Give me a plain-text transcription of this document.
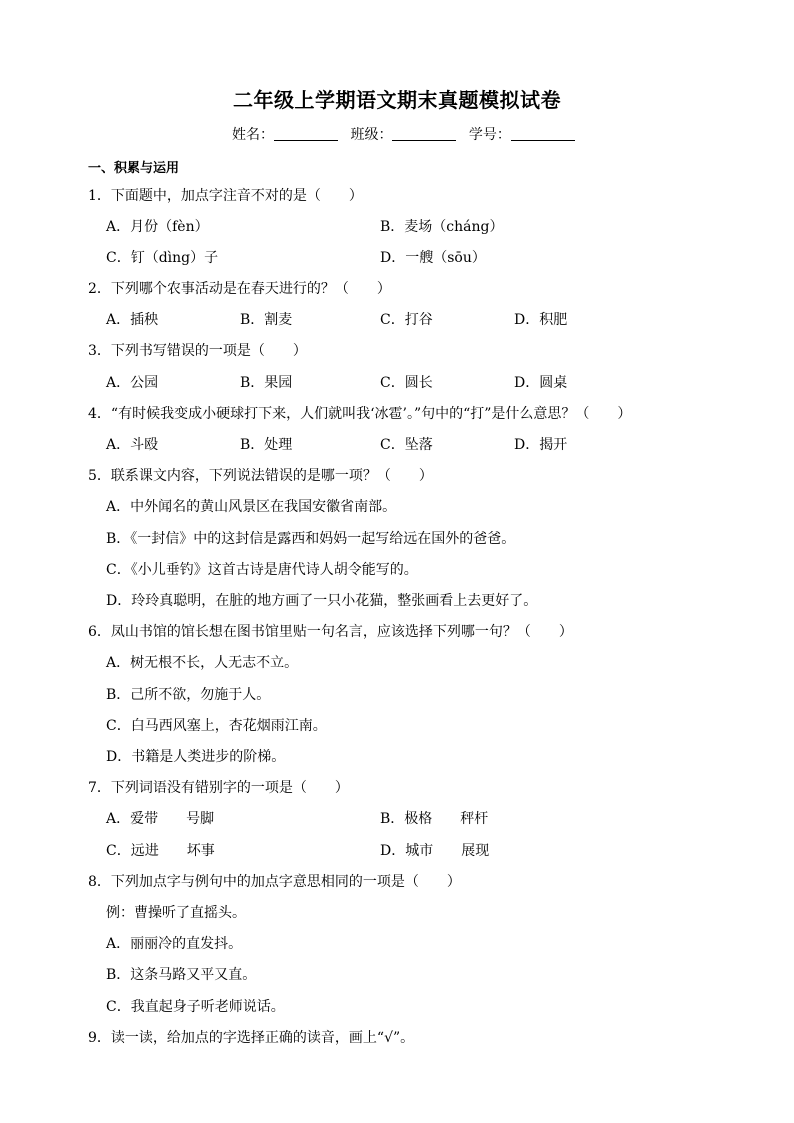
二年级上学期语文期末真题模拟试卷
姓名：	班级：	学号：
一、积累与运用
1．下面题中，加点字注音不对的是（　　）
A．月份（fèn）	B．麦场（cháng）
C．钉（dìng）子	D．一艘（sōu）
2．下列哪个农事活动是在春天进行的？（　　）
A．插秧	B．割麦	C．打谷	D．积肥
3．下列书写错误的一项是（　　）
A．公园	B．果园	C．圆长	D．圆桌
4．“有时候我变成小硬球打下来，人们就叫我‘冰雹’。”句中的“打”是什么意思？（　　）
A．斗殴	B．处理	C．坠落	D．揭开
5．联系课文内容，下列说法错误的是哪一项？（　　）
A．中外闻名的黄山风景区在我国安徽省南部。
B．《一封信》中的这封信是露西和妈妈一起写给远在国外的爸爸。
C．《小儿垂钓》这首古诗是唐代诗人胡令能写的。
D．玲玲真聪明，在脏的地方画了一只小花猫，整张画看上去更好了。
6．凤山书馆的馆长想在图书馆里贴一句名言，应该选择下列哪一句？（　　）
A．树无根不长，人无志不立。
B．己所不欲，勿施于人。
C．白马西风塞上，杏花烟雨江南。
D．书籍是人类进步的阶梯。
7．下列词语没有错别字的一项是（　　）
A．爱带　　号脚	B．极格　　秤杆
C．远进　　坏事	D．城市　　展现
8．下列加点字与例句中的加点字意思相同的一项是（　　）
例：曹操听了直摇头。
A．丽丽冷的直发抖。
B．这条马路又平又直。
C．我直起身子听老师说话。
9．读一读，给加点的字选择正确的读音，画上“√”。
